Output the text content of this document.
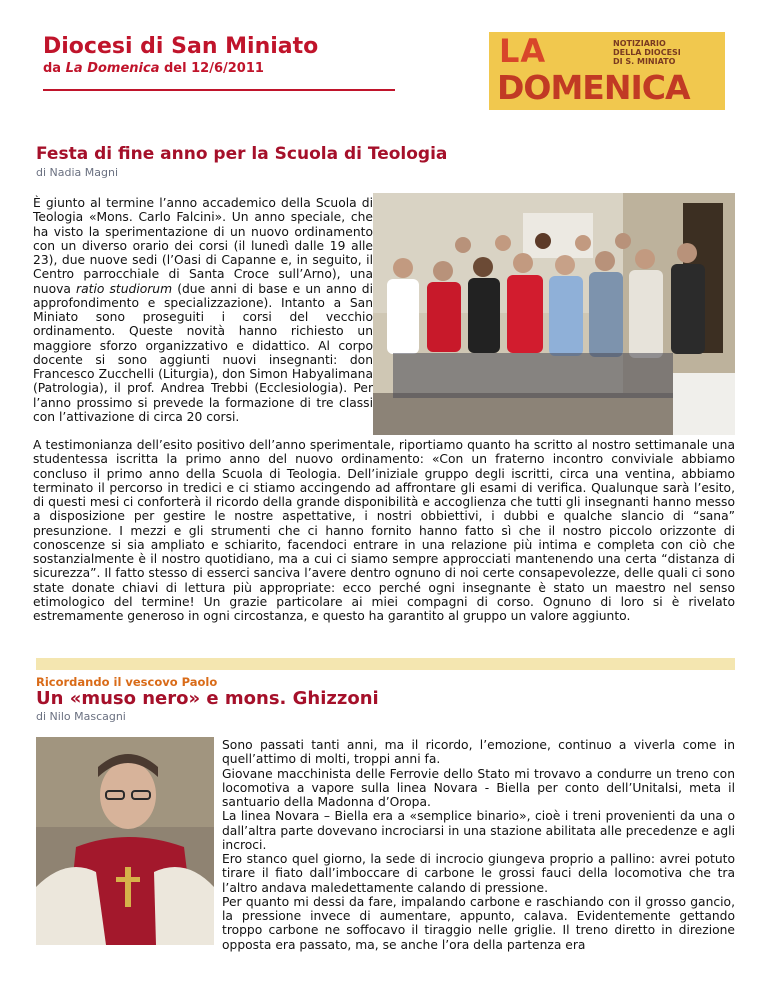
Diocesi di San Miniato
da La Domenica del 12/6/2011	LA
DOMENICA
NOTIZIARIO
DELLA DIOCESI
DI S. MINIATO
Festa di fine anno per la Scuola di Teologia
di Nadia Magni
È giunto al termine l’anno accademico della Scuola di Teologia «Mons. Carlo Falcini». Un anno speciale, che ha visto la sperimentazione di un nuovo ordinamento con un diverso orario dei corsi (il lunedì dalle 19 alle 23), due nuove sedi (l’Oasi di Capanne e, in seguito, il Centro parrocchiale di Santa Croce sull’Arno), una nuova ratio studiorum (due anni di base e un anno di approfondimento e specializzazione). Intanto a San Miniato sono proseguiti i corsi del vecchio ordinamento. Queste novità hanno richiesto un maggiore sforzo organizzativo e didattico. Al corpo docente si sono aggiunti nuovi insegnanti: don Francesco Zucchelli (Liturgia), don Simon Habyalimana (Patrologia), il prof. Andrea Trebbi (Ecclesiologia). Per l’anno prossimo si prevede la formazione di tre classi con l’attivazione di circa 20 corsi.
A testimonianza dell’esito positivo dell’anno sperimentale, riportiamo quanto ha scritto al nostro settimanale una studentessa iscritta la primo anno del nuovo ordinamento: «Con un fraterno incontro conviviale abbiamo concluso il primo anno della Scuola di Teologia. Dell’iniziale gruppo degli iscritti, circa una ventina, abbiamo terminato il percorso in tredici e ci stiamo accingendo ad affrontare gli esami di verifica. Qualunque sarà l’esito, di questi mesi ci conforterà il ricordo della grande disponibilità e accoglienza che tutti gli insegnanti hanno messo a disposizione per gestire le nostre aspettative, i nostri obbiettivi, i dubbi e qualche slancio di “sana” presunzione. I mezzi e gli strumenti che ci hanno fornito hanno fatto sì che il nostro piccolo orizzonte di conoscenze si sia ampliato e schiarito, facendoci entrare in una relazione più intima e completa con ciò che sostanzialmente è il nostro quotidiano, ma a cui ci siamo sempre approcciati mantenendo una certa “distanza di sicurezza”. Il fatto stesso di esserci sanciva l’avere dentro ognuno di noi certe consapevolezze, delle quali ci sono state donate chiavi di lettura più appropriate: ecco perché ogni insegnante è stato un maestro nel senso etimologico del termine! Un grazie particolare ai miei compagni di corso. Ognuno di loro si è rivelato estremamente generoso in ogni circostanza, e questo ha garantito al gruppo un valore aggiunto.
Ricordando il vescovo Paolo
Un «muso nero» e mons. Ghizzoni
di Nilo Mascagni
Sono passati tanti anni, ma il ricordo, l’emozione, continuo a viverla come in quell’attimo di molti, troppi anni fa.
Giovane macchinista delle Ferrovie dello Stato mi trovavo a condurre un treno con locomotiva a vapore sulla linea Novara - Biella per conto dell’Unitalsi, meta il santuario della Madonna d’Oropa.
La linea Novara – Biella era a «semplice binario», cioè i treni provenienti da una o dall’altra parte dovevano incrociarsi in una stazione abilitata alle precedenze e agli incroci.
Ero stanco quel giorno, la sede di incrocio giungeva proprio a pallino: avrei potuto tirare il fiato dall’imboccare di carbone le grossi fauci della locomotiva che tra l’altro andava maledettamente calando di pressione.
Per quanto mi dessi da fare, impalando carbone e raschiando con il grosso gancio, la pressione invece di aumentare, appunto, calava. Evidentemente gettando troppo carbone ne soffocavo il tiraggio nelle griglie. Il treno diretto in direzione opposta era passato, ma, se anche l’ora della partenza era
